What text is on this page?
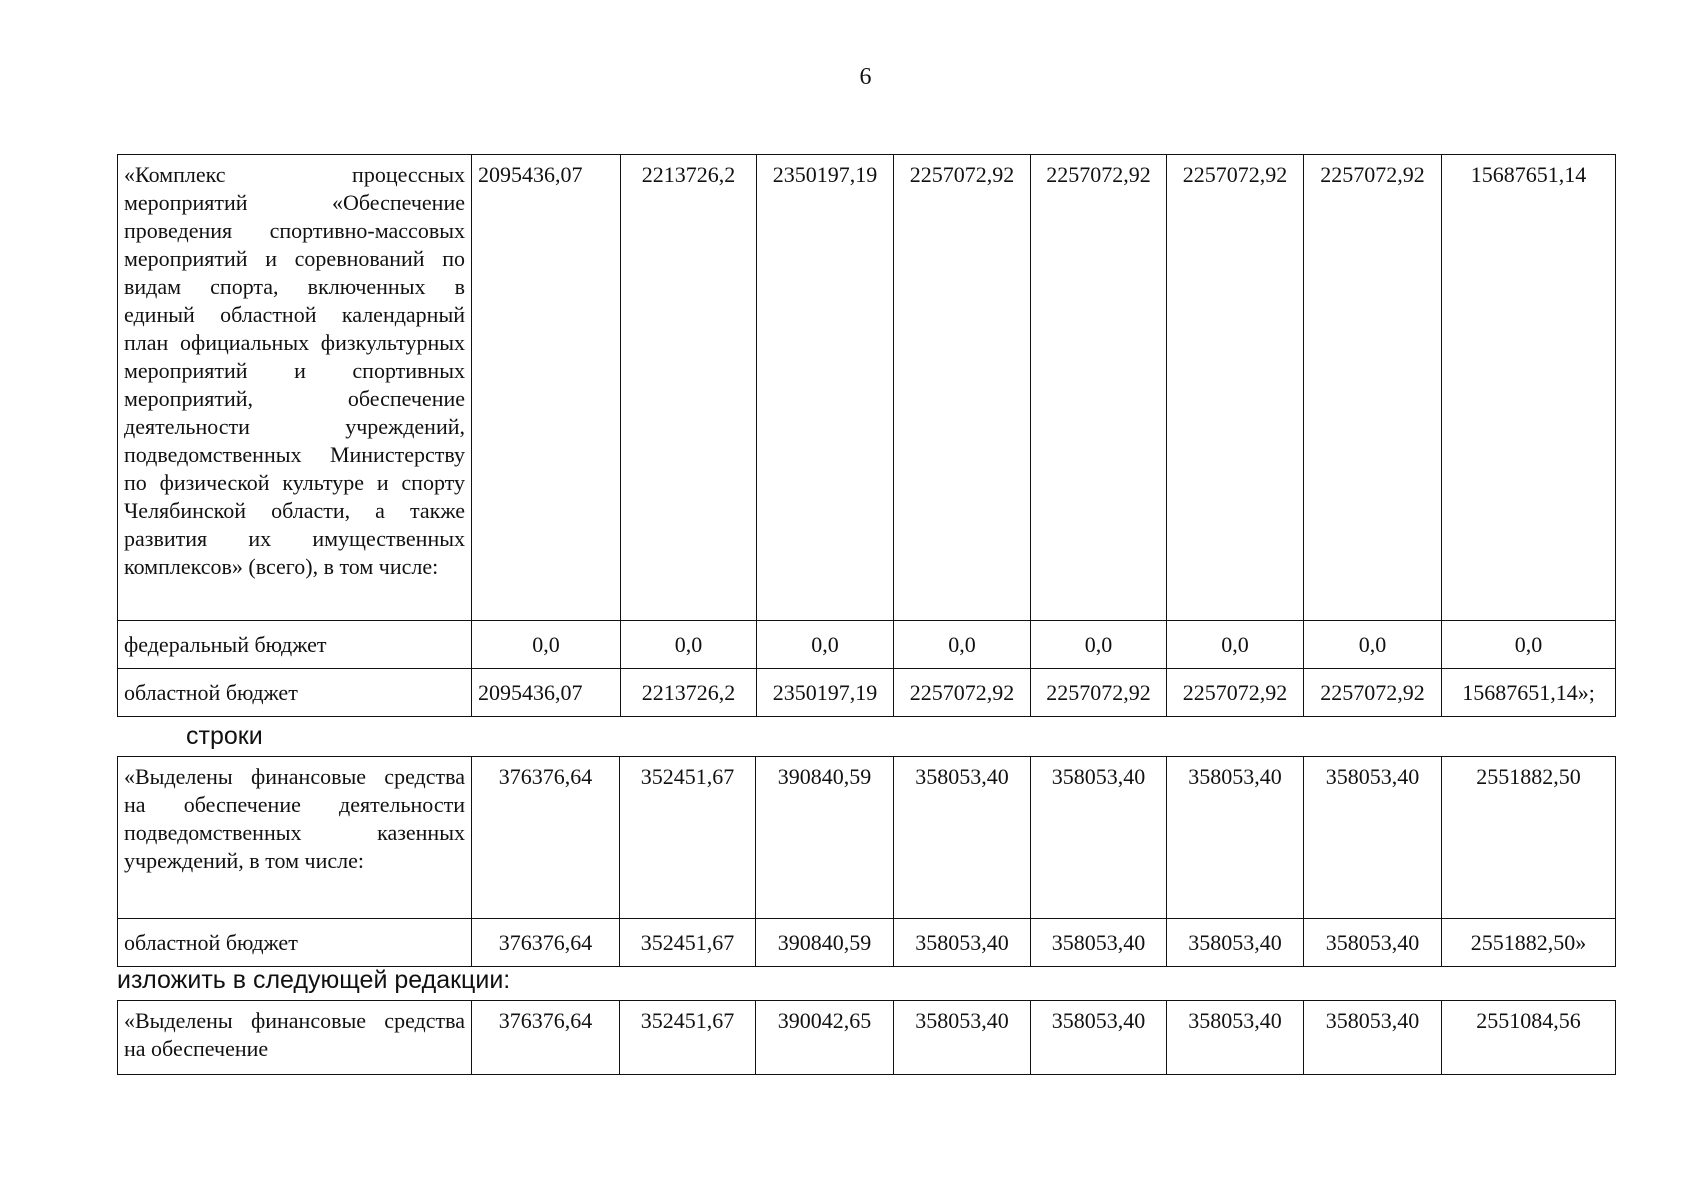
6
«Комплекс процессных мероприятий «Обеспечение проведения спортивно-массовых мероприятий и соревнований по видам спорта, включенных в единый областной календарный план официальных физкультурных мероприятий и спортивных мероприятий, обеспечение деятельности учреждений, подведомственных Министерству по физической культуре и спорту Челябинской области, а также развития их имущественных комплексов» (всего), в том числе:	2095436,07	2213726,2	2350197,19	2257072,92	2257072,92	2257072,92	2257072,92	15687651,14
федеральный бюджет	0,0	0,0	0,0	0,0	0,0	0,0	0,0	0,0
областной бюджет	2095436,07	2213726,2	2350197,19	2257072,92	2257072,92	2257072,92	2257072,92	15687651,14»;
строки
«Выделены финансовые средства на обеспечение деятельности подведомственных казенных учреждений, в том числе:	376376,64	352451,67	390840,59	358053,40	358053,40	358053,40	358053,40	2551882,50
областной бюджет	376376,64	352451,67	390840,59	358053,40	358053,40	358053,40	358053,40	2551882,50»
изложить в следующей редакции:
«Выделены финансовые средства на обеспечение	376376,64	352451,67	390042,65	358053,40	358053,40	358053,40	358053,40	2551084,56
